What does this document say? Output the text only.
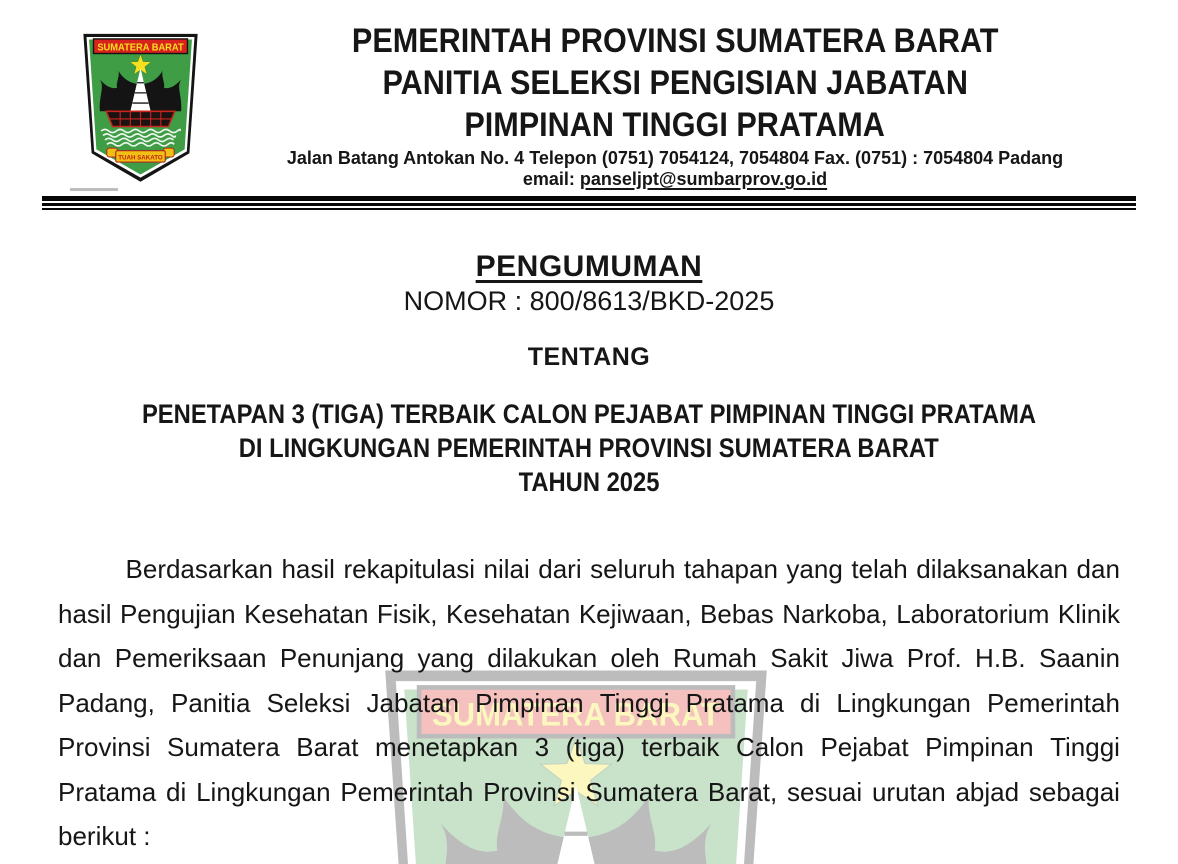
PEMERINTAH PROVINSI SUMATERA BARAT
PANITIA SELEKSI PENGISIAN JABATAN
PIMPINAN TINGGI PRATAMA
Jalan Batang Antokan No. 4 Telepon (0751) 7054124, 7054804 Fax. (0751) : 7054804 Padang
email: panseljpt@sumbarprov.go.id
PENGUMUMAN
NOMOR : 800/8613/BKD-2025
TENTANG
PENETAPAN 3 (TIGA) TERBAIK CALON PEJABAT PIMPINAN TINGGI PRATAMA
DI LINGKUNGAN PEMERINTAH PROVINSI SUMATERA BARAT
TAHUN 2025
Berdasarkan hasil rekapitulasi nilai dari seluruh tahapan yang telah dilaksanakan dan
hasil Pengujian Kesehatan Fisik, Kesehatan Kejiwaan, Bebas Narkoba, Laboratorium Klinik
dan Pemeriksaan Penunjang yang dilakukan oleh Rumah Sakit Jiwa Prof. H.B. Saanin
Padang, Panitia Seleksi Jabatan Pimpinan Tinggi Pratama di Lingkungan Pemerintah
Provinsi Sumatera Barat menetapkan 3 (tiga) terbaik Calon Pejabat Pimpinan Tinggi
Pratama di Lingkungan Pemerintah Provinsi Sumatera Barat, sesuai urutan abjad sebagai
berikut :
